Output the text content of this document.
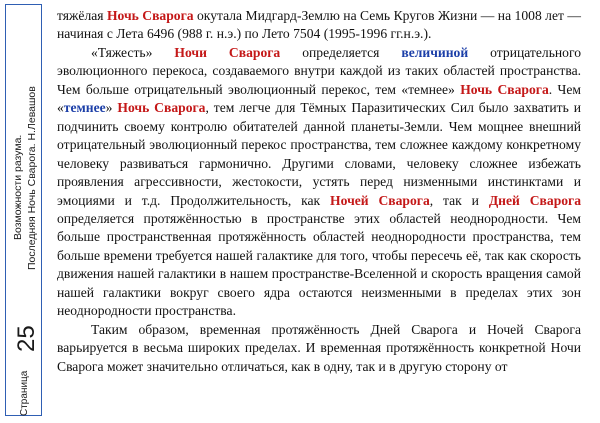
Возможности разума. Последняя Ночь Сварога. Н.Левашов
Страница
25

тяжёлая Ночь Сварога окутала Мидгард-Землю на Семь Кругов Жизни — на 1008 лет — начиная с Лета 6496 (988 г. н.э.) по Лето 7504 (1995-1996 гг.н.э.).

«Тяжесть» Ночи Сварога определяется величиной отрицательного эволюционного перекоса, создаваемого внутри каждой из таких областей пространства. Чем больше отрицательный эволюционный перекос, тем «темнее» Ночь Сварога. Чем «темнее» Ночь Сварога, тем легче для Тёмных Паразитических Сил было захватить и подчинить своему контролю обитателей данной планеты-Земли. Чем мощнее внешний отрицательный эволюционный перекос пространства, тем сложнее каждому конкретному человеку развиваться гармонично. Другими словами, человеку сложнее избежать проявления агрессивности, жестокости, устять перед низменными инстинктами и эмоциями и т.д. Продолжительность, как Ночей Сварога, так и Дней Сварога определяется протяжённостью в пространстве этих областей неоднородности. Чем больше пространственная протяжённость областей неоднородности пространства, тем больше времени требуется нашей галактике для того, чтобы пересечь её, так как скорость движения нашей галактики в нашем пространстве-Вселенной и скорость вращения самой нашей галактики вокруг своего ядра остаются неизменными в пределах этих зон неоднородности пространства.

Таким образом, временная протяжённость Дней Сварога и Ночей Сварога варьируется в весьма широких пределах. И временная протяжённость конкретной Ночи Сварога может значительно отличаться, как в одну, так и в другую сторону от
